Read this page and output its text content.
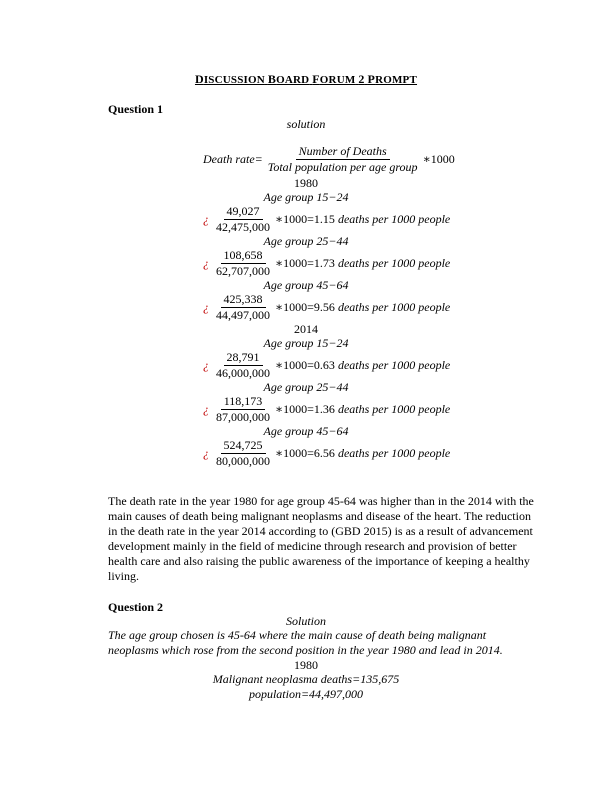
DISCUSSION BOARD FORUM 2 PROMPT
Question 1
solution
Death rate= $\frac{\text{Number of Deaths}}{\text{Total population per age group}}$ ∗1000
1980
Age group 15−24
¿ $\frac{49,027}{42,475,000}$ ∗1000=1.15 deaths per 1000 people
Age group 25−44
¿ $\frac{108,658}{62,707,000}$ ∗1000=1.73 deaths per 1000 people
Age group 45−64
¿ $\frac{425,338}{44,497,000}$ ∗1000=9.56 deaths per 1000 people
2014
Age group 15−24
¿ $\frac{28,791}{46,000,000}$ ∗1000=0.63 deaths per 1000 people
Age group 25−44
¿ $\frac{118,173}{87,000,000}$ ∗1000=1.36 deaths per 1000 people
Age group 45−64
¿ $\frac{524,725}{80,000,000}$ ∗1000=6.56 deaths per 1000 people

The death rate in the year 1980 for age group 45-64 was higher than in the 2014 with the main causes of death being malignant neoplasms and disease of the heart. The reduction in the death rate in the year 2014 according to (GBD 2015) is as a result of advancement development mainly in the field of medicine through research and provision of better health care and also raising the public awareness of the importance of keeping a healthy living.

Question 2
Solution

The age group chosen is 45-64 where the main cause of death being malignant neoplasms which rose from the second position in the year 1980 and lead in 2014.

1980
Malignant neoplasma deaths=135,675
population=44,497,000
